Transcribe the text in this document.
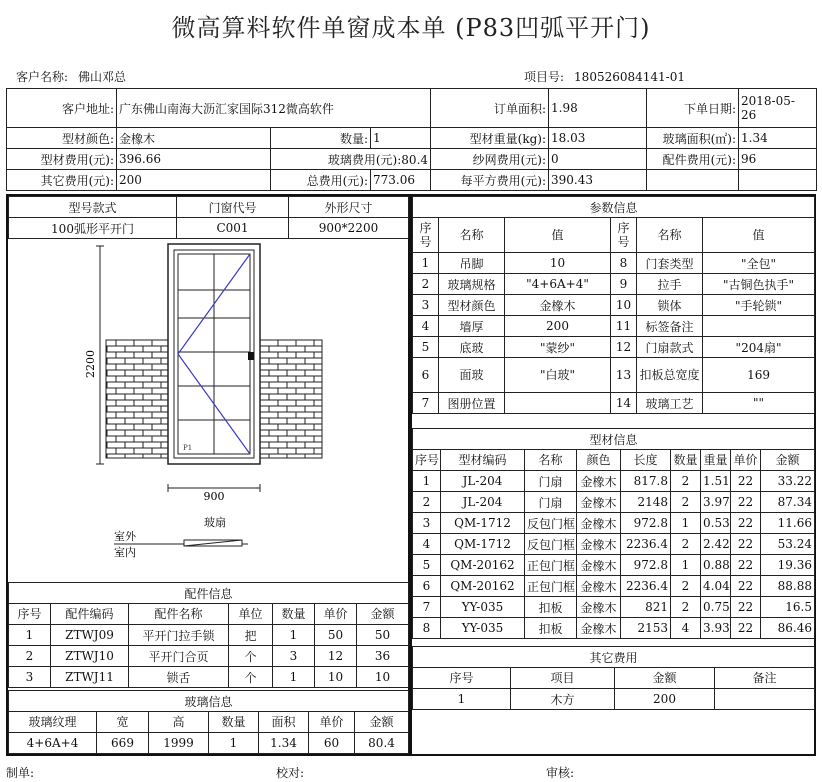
微高算料软件单窗成本单 (P83凹弧平开门)
客户名称: 佛山邓总	项目号: 180526084141-01
客户地址:	广东佛山南海大沥汇家国际312微高软件			订单面积:	1.98	下单日期:	2018-05-
26
型材颜色:	金橡木	数量:	1	型材重量(kg):	18.03	玻璃面积(㎡):	1.34
型材费用(元):	396.66	玻璃费用(元):80.4		纱网费用(元):	0	配件费用(元):	96
其它费用(元):	200	总费用(元):	773.06	每平方费用(元):	390.43		
型号款式	门窗代号	外形尺寸
100弧形平开门	C001	900*2200
P1
2200
900
玻扇
室外
室内
配件信息						
序号	配件编码	配件名称	单位	数量	单价	金额
1	ZTWJ09	平开门拉手锁	把	1	50	50
2	ZTWJ10	平开门合页	个	3	12	36
3	ZTWJ11	锁舌	个	1	10	10
玻璃信息						
玻璃纹理	宽	高	数量	面积	单价	金额
4+6A+4	669	1999	1	1.34	60	80.4
参数信息					
序号	名称	值	序号	名称	值
1	吊脚	10	8	门套类型	"全包"
2	玻璃规格	"4+6A+4"	9	拉手	"古铜色执手"
3	型材颜色	金橡木	10	锁体	"手轮锁"
4	墙厚	200	11	标签备注	
5	底玻	"蒙纱"	12	门扇款式	"204扇"
6	面玻	"白玻"	13	扣板总宽度	169
7	图册位置		14	玻璃工艺	""
型材信息								
序号	型材编码	名称	颜色	长度	数量	重量	单价	金额
1	JL-204	门扇	金橡木	817.8	2	1.51	22	33.22
2	JL-204	门扇	金橡木	2148	2	3.97	22	87.34
3	QM-1712	反包门框	金橡木	972.8	1	0.53	22	11.66
4	QM-1712	反包门框	金橡木	2236.4	2	2.42	22	53.24
5	QM-20162	正包门框	金橡木	972.8	1	0.88	22	19.36
6	QM-20162	正包门框	金橡木	2236.4	2	4.04	22	88.88
7	YY-035	扣板	金橡木	821	2	0.75	22	16.5
8	YY-035	扣板	金橡木	2153	4	3.93	22	86.46
其它费用			
序号	项目	金额	备注
1	木方	200	
制单:	校对:	审核:
